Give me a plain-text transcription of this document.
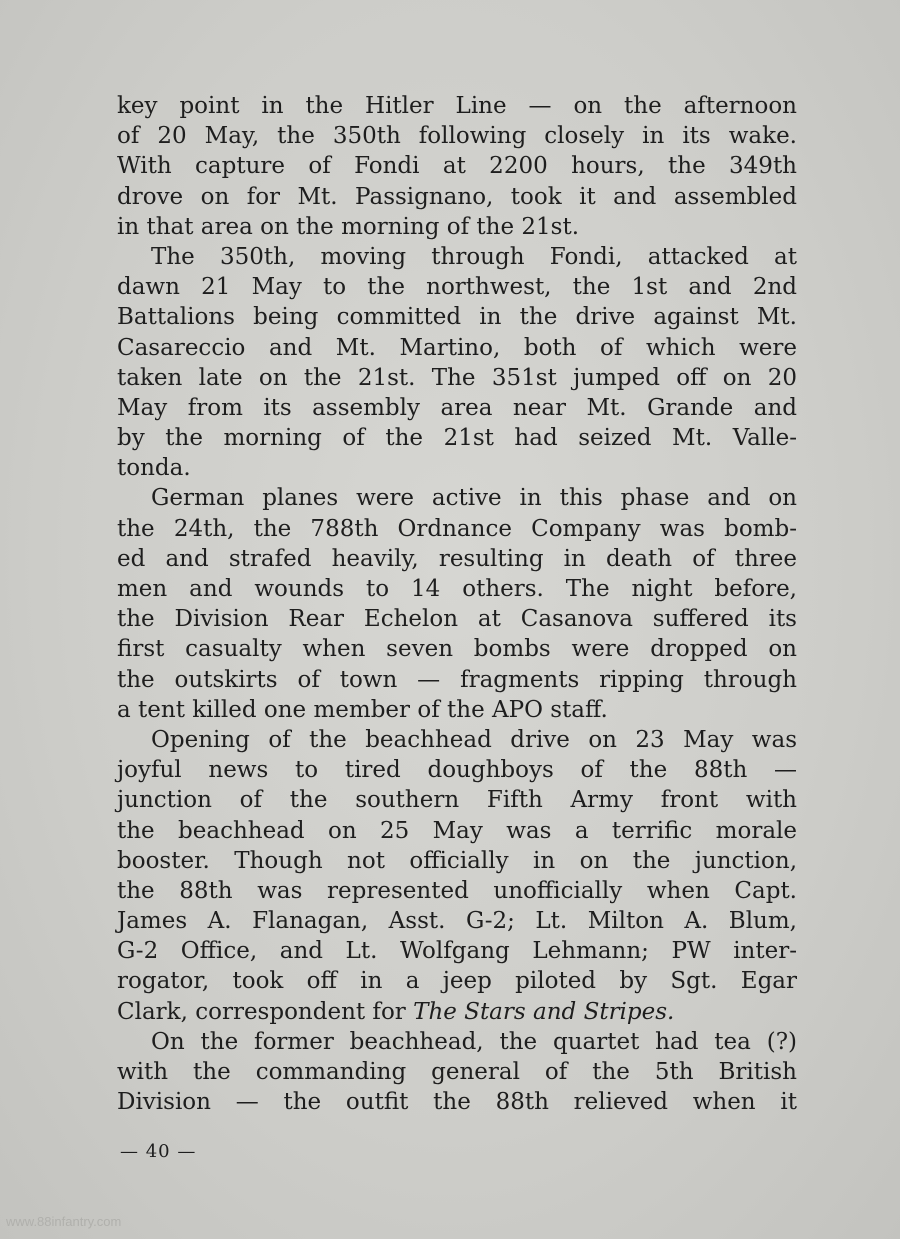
key point in the Hitler Line — on the afternoon
of 20 May, the 350th following closely in its wake.
With capture of Fondi at 2200 hours, the 349th
drove on for Mt. Passignano, took it and assembled
in that area on the morning of the 21st.
The 350th, moving through Fondi, attacked at
dawn 21 May to the northwest, the 1st and 2nd
Battalions being committed in the drive against Mt.
Casareccio and Mt. Martino, both of which were
taken late on the 21st. The 351st jumped off on 20
May from its assembly area near Mt. Grande and
by the morning of the 21st had seized Mt. Valle-
tonda.
German planes were active in this phase and on
the 24th, the 788th Ordnance Company was bomb-
ed and strafed heavily, resulting in death of three
men and wounds to 14 others. The night before,
the Division Rear Echelon at Casanova suffered its
first casualty when seven bombs were dropped on
the outskirts of town — fragments ripping through
a tent killed one member of the APO staff.
Opening of the beachhead drive on 23 May was
joyful news to tired doughboys of the 88th —
junction of the southern Fifth Army front with
the beachhead on 25 May was a terrific morale
booster. Though not officially in on the junction,
the 88th was represented unofficially when Capt.
James A. Flanagan, Asst. G-2; Lt. Milton A. Blum,
G-2 Office, and Lt. Wolfgang Lehmann; PW inter-
rogator, took off in a jeep piloted by Sgt. Egar
Clark, correspondent for The Stars and Stripes.
On the former beachhead, the quartet had tea (?)
with the commanding general of the 5th British
Division — the outfit the 88th relieved when it
— 40 —
www.88infantry.com
